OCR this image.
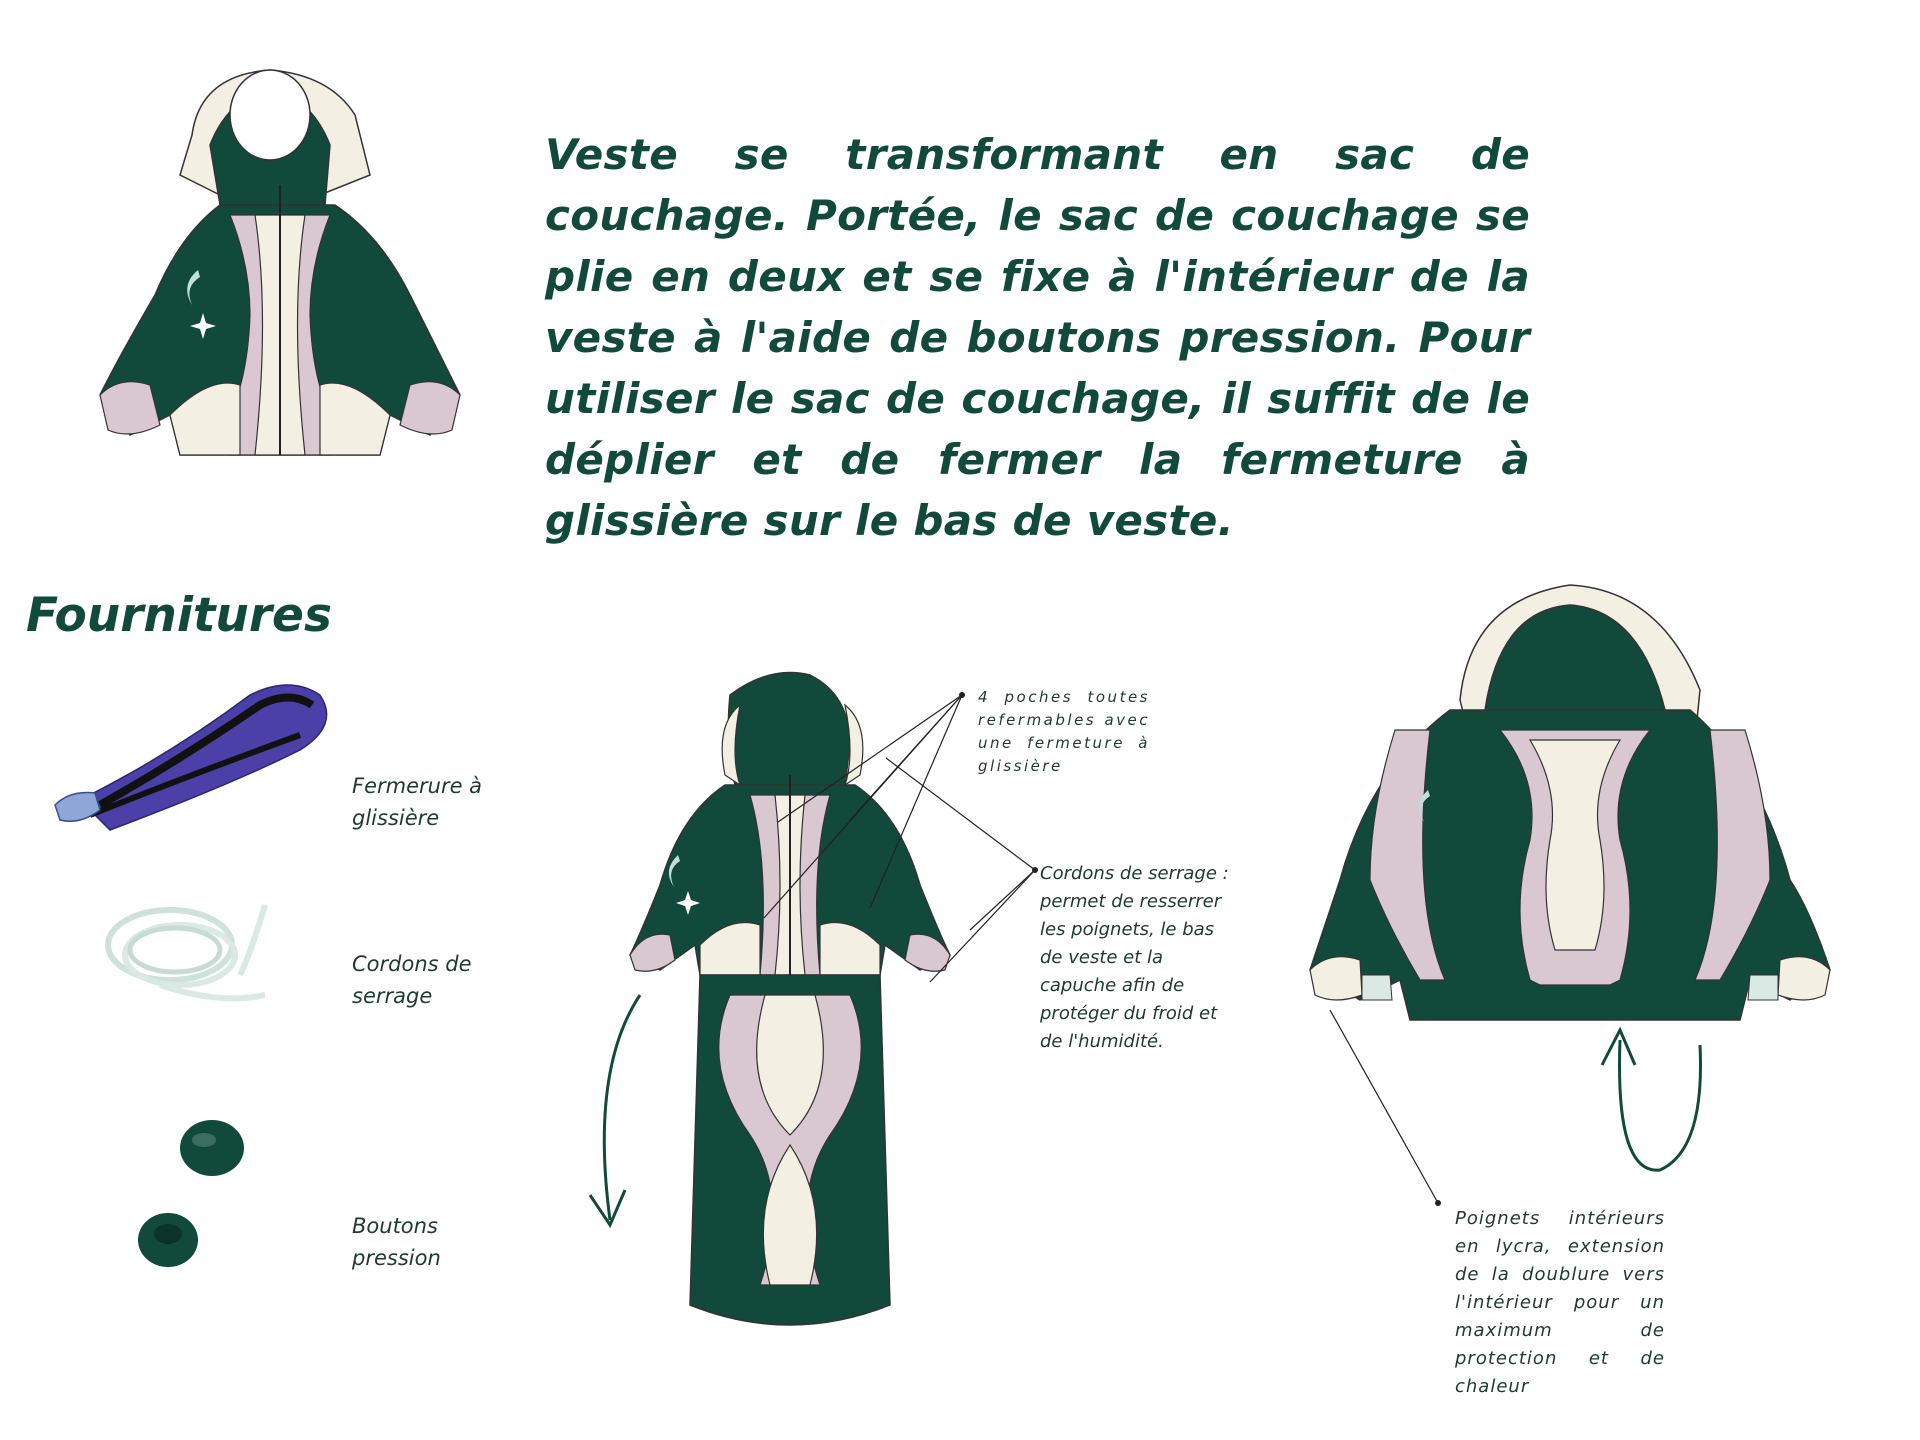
Veste se transformant en sac de couchage. Portée, le sac de couchage se plie en deux et se fixe à l'intérieur de la veste à l'aide de boutons pression. Pour utiliser le sac de couchage, il suffit de le déplier et de fermer la fermeture à glissière sur le bas de veste.
Fournitures
Fermerure à glissière
Cordons de serrage
Boutons pression
4 poches toutes refermables avec une fermeture à glissière
Cordons de serrage : permet de resserrer les poignets, le bas de veste et la capuche afin de protéger du froid et de l'humidité.
Poignets intérieurs en lycra, extension de la doublure vers l'intérieur pour un maximum de protection et de chaleur
